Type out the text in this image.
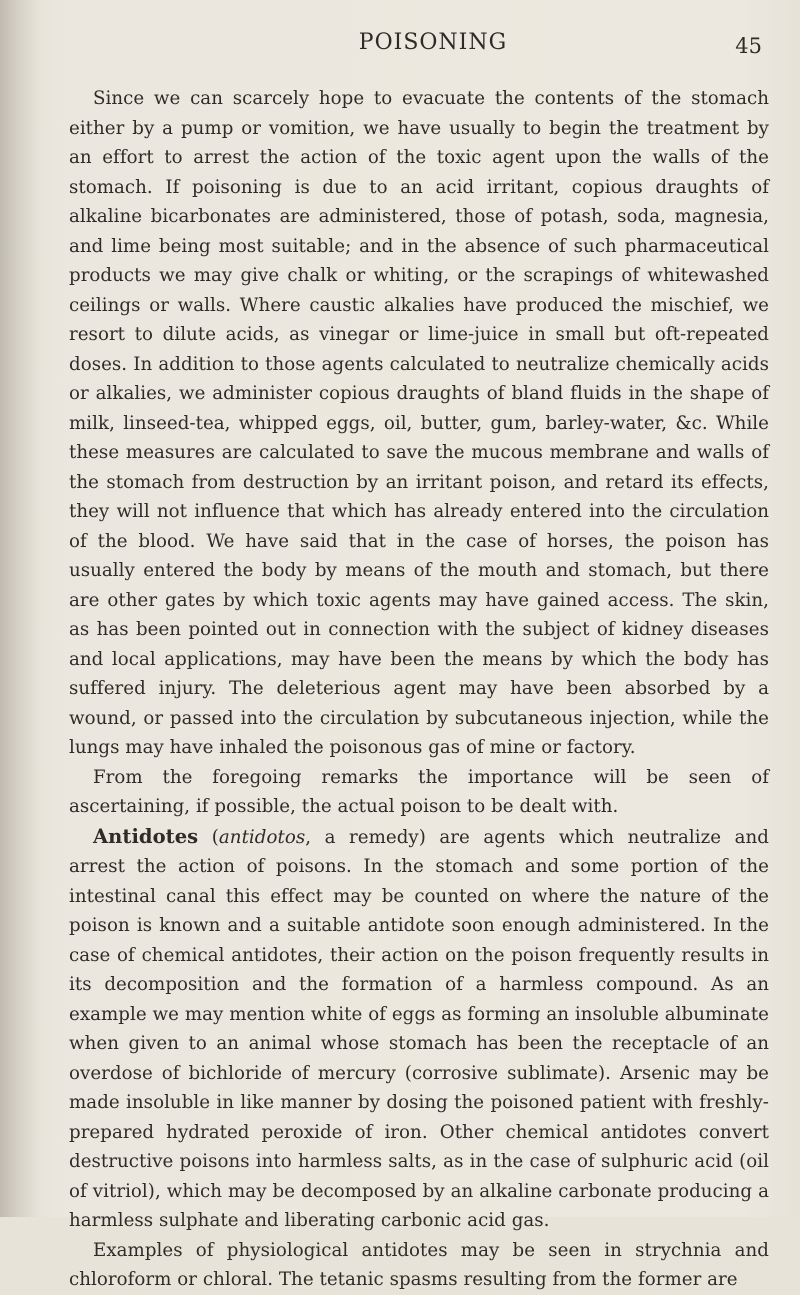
POISONING	45

Since we can scarcely hope to evacuate the contents of the stomach either by a pump or vomition, we have usually to begin the treatment by an effort to arrest the action of the toxic agent upon the walls of the stomach. If poisoning is due to an acid irritant, copious draughts of alkaline bicarbonates are administered, those of potash, soda, magnesia, and lime being most suitable; and in the absence of such pharmaceutical products we may give chalk or whiting, or the scrapings of whitewashed ceilings or walls. Where caustic alkalies have produced the mischief, we resort to dilute acids, as vinegar or lime-juice in small but oft-repeated doses. In addition to those agents calculated to neutralize chemically acids or alkalies, we administer copious draughts of bland fluids in the shape of milk, linseed-tea, whipped eggs, oil, butter, gum, barley-water, &c. While these measures are calculated to save the mucous membrane and walls of the stomach from destruction by an irritant poison, and retard its effects, they will not influence that which has already entered into the circulation of the blood. We have said that in the case of horses, the poison has usually entered the body by means of the mouth and stomach, but there are other gates by which toxic agents may have gained access. The skin, as has been pointed out in connection with the subject of kidney diseases and local applications, may have been the means by which the body has suffered injury. The deleterious agent may have been absorbed by a wound, or passed into the circulation by subcutaneous injection, while the lungs may have inhaled the poisonous gas of mine or factory.

From the foregoing remarks the importance will be seen of ascertaining, if possible, the actual poison to be dealt with.

Antidotes (antidotos, a remedy) are agents which neutralize and arrest the action of poisons. In the stomach and some portion of the intestinal canal this effect may be counted on where the nature of the poison is known and a suitable antidote soon enough administered. In the case of chemical antidotes, their action on the poison frequently results in its decomposition and the formation of a harmless compound. As an example we may mention white of eggs as forming an insoluble albuminate when given to an animal whose stomach has been the receptacle of an overdose of bichloride of mercury (corrosive sublimate). Arsenic may be made insoluble in like manner by dosing the poisoned patient with freshly-prepared hydrated peroxide of iron. Other chemical antidotes convert destructive poisons into harmless salts, as in the case of sulphuric acid (oil of vitriol), which may be decomposed by an alkaline carbonate producing a harmless sulphate and liberating carbonic acid gas.

Examples of physiological antidotes may be seen in strychnia and chloroform or chloral. The tetanic spasms resulting from the former are
